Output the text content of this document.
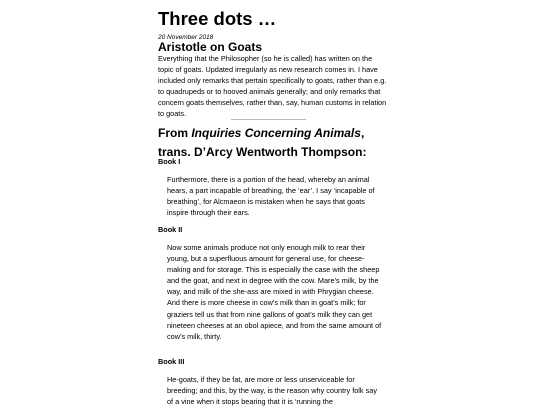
Three dots …
20 November 2018
Aristotle on Goats
Everything that the Philosopher (so he is called) has written on the topic of goats. Updated irregularly as new research comes in. I have included only remarks that pertain specifically to goats, rather than e.g. to quadrupeds or to hooved animals generally; and only remarks that concern goats themselves, rather than, say, human customs in relation to goats.
From Inquiries Concerning Animals, trans. D’Arcy Wentworth Thompson:
Book I

Furthermore, there is a portion of the head, whereby an animal hears, a part incapable of breathing, the ‘ear’. I say ‘incapable of breathing’, for Alcmaeon is mistaken when he says that goats inspire through their ears.

Book II

Now some animals produce not only enough milk to rear their young, but a superfluous amount for general use, for cheese-making and for storage. This is especially the case with the sheep and the goat, and next in degree with the cow. Mare’s milk, by the way, and milk of the she-ass are mixed in with Phrygian cheese. And there is more cheese in cow’s milk than in goat’s milk; for graziers tell us that from nine gallons of goat’s milk they can get nineteen cheeses at an obol apiece, and from the same amount of cow’s milk, thirty.

Book III

He-goats, if they be fat, are more or less unserviceable for breeding; and this, by the way, is the reason why country folk say of a vine when it stops bearing that it is ‘running the
